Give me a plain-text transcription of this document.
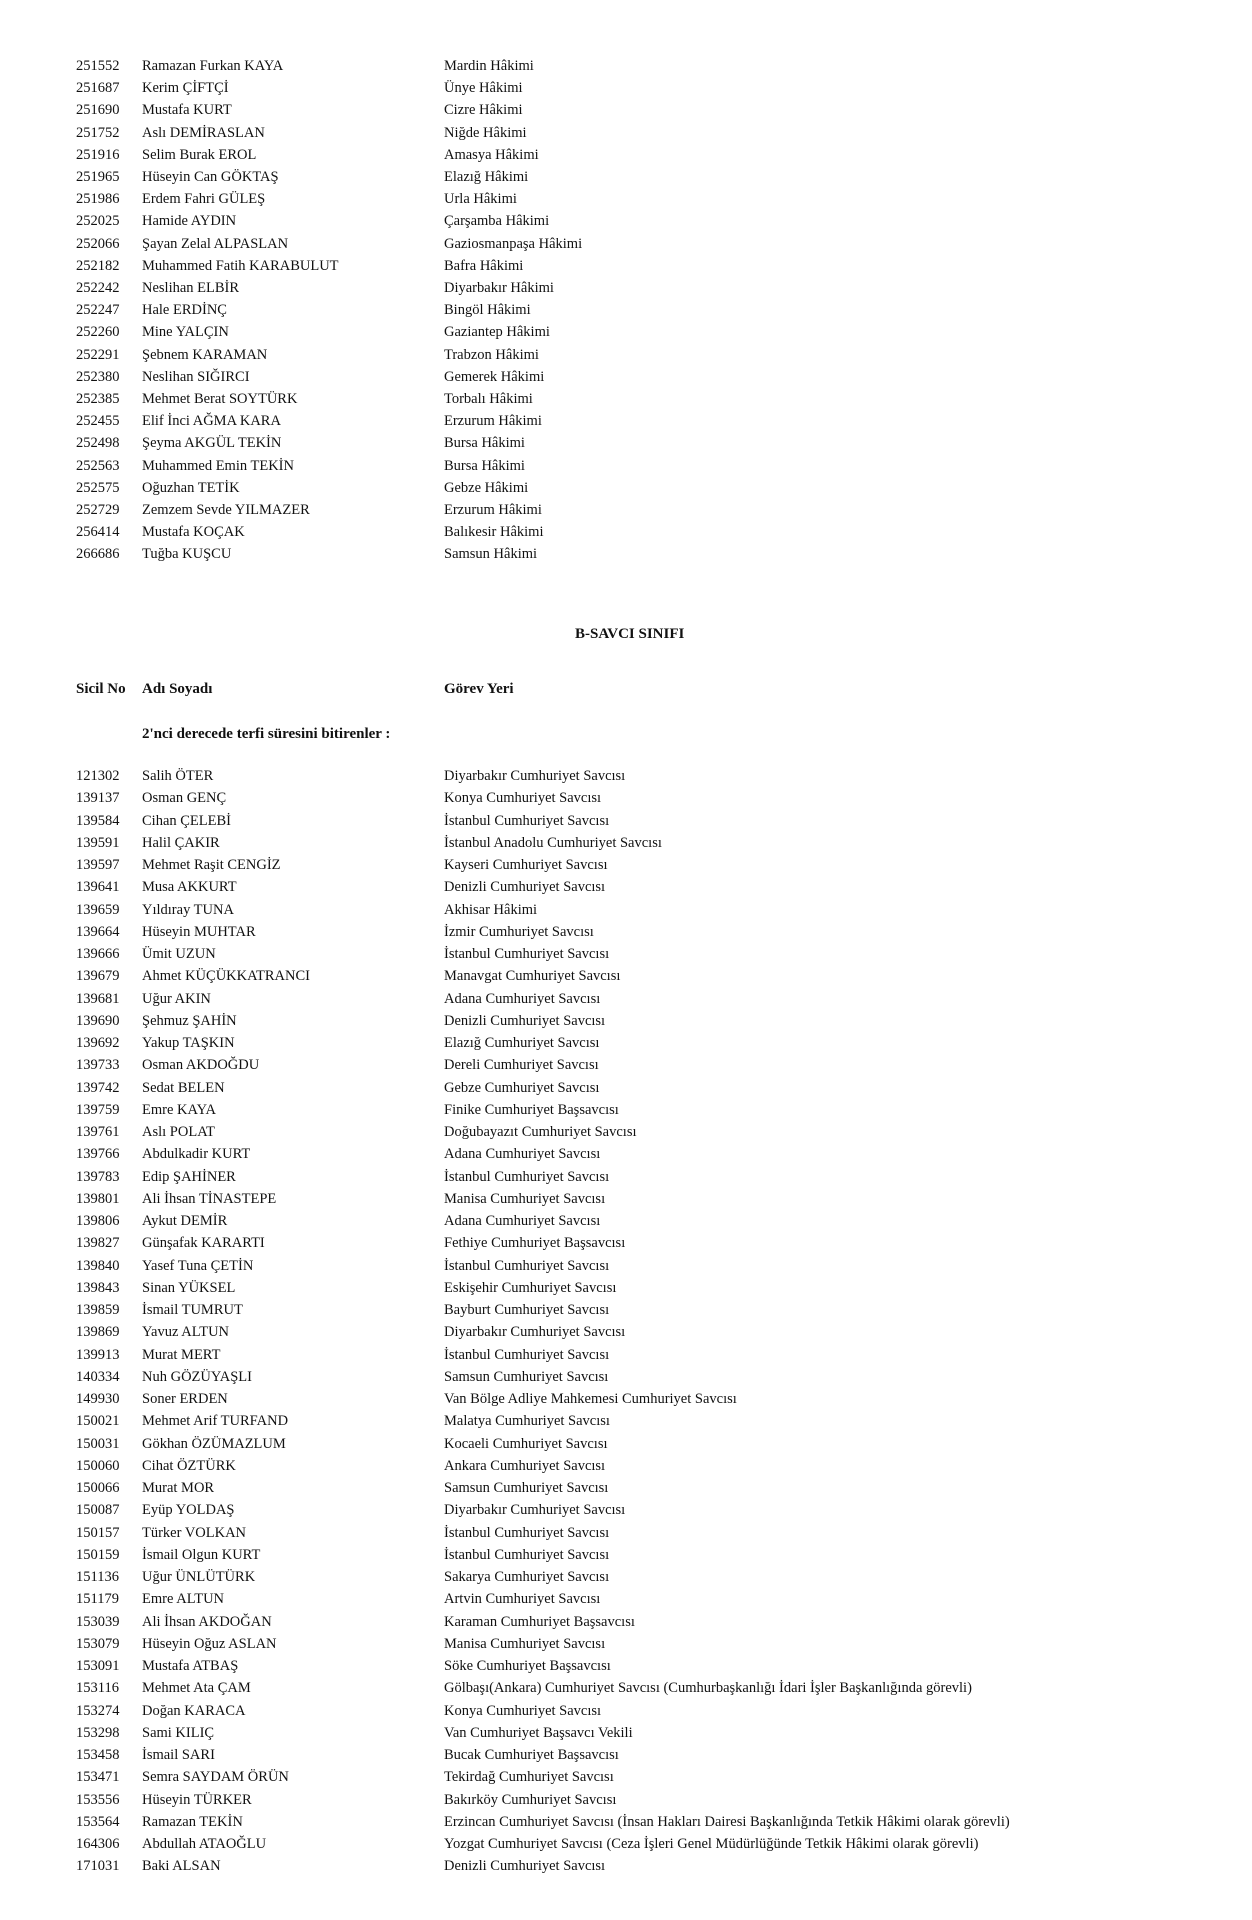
251552 Ramazan Furkan KAYA	Mardin Hâkimi
251687 Kerim ÇİFTÇİ	Ünye Hâkimi
251690 Mustafa KURT	Cizre Hâkimi
251752 Aslı DEMİRASLAN	Niğde Hâkimi
251916 Selim Burak EROL	Amasya Hâkimi
251965 Hüseyin Can GÖKTAŞ	Elazığ Hâkimi
251986 Erdem Fahri GÜLEŞ	Urla Hâkimi
252025 Hamide AYDIN	Çarşamba Hâkimi
252066 Şayan Zelal ALPASLAN	Gaziosmanpaşa Hâkimi
252182 Muhammed Fatih KARABULUT	Bafra Hâkimi
252242 Neslihan ELBİR	Diyarbakır Hâkimi
252247 Hale ERDİNÇ	Bingöl Hâkimi
252260 Mine YALÇIN	Gaziantep Hâkimi
252291 Şebnem KARAMAN	Trabzon Hâkimi
252380 Neslihan SIĞIRCI	Gemerek Hâkimi
252385 Mehmet Berat SOYTÜRK	Torbalı Hâkimi
252455 Elif İnci AĞMA KARA	Erzurum Hâkimi
252498 Şeyma AKGÜL TEKİN	Bursa Hâkimi
252563 Muhammed Emin TEKİN	Bursa Hâkimi
252575 Oğuzhan TETİK	Gebze Hâkimi
252729 Zemzem Sevde YILMAZER	Erzurum Hâkimi
256414 Mustafa KOÇAK	Balıkesir Hâkimi
266686 Tuğba KUŞCU	Samsun Hâkimi
B-SAVCI SINIFI
Sicil No Adı Soyadı	Görev Yeri
2'nci derecede terfi süresini bitirenler :
121302 Salih ÖTER	Diyarbakır Cumhuriyet Savcısı
139137 Osman GENÇ	Konya Cumhuriyet Savcısı
139584 Cihan ÇELEBİ	İstanbul Cumhuriyet Savcısı
139591 Halil ÇAKIR	İstanbul Anadolu Cumhuriyet Savcısı
139597 Mehmet Raşit CENGİZ	Kayseri Cumhuriyet Savcısı
139641 Musa AKKURT	Denizli Cumhuriyet Savcısı
139659 Yıldıray TUNA	Akhisar Hâkimi
139664 Hüseyin MUHTAR	İzmir Cumhuriyet Savcısı
139666 Ümit UZUN	İstanbul Cumhuriyet Savcısı
139679 Ahmet KÜÇÜKKATRANCI	Manavgat Cumhuriyet Savcısı
139681 Uğur AKIN	Adana Cumhuriyet Savcısı
139690 Şehmuz ŞAHİN	Denizli Cumhuriyet Savcısı
139692 Yakup TAŞKIN	Elazığ Cumhuriyet Savcısı
139733 Osman AKDOĞDU	Dereli Cumhuriyet Savcısı
139742 Sedat BELEN	Gebze Cumhuriyet Savcısı
139759 Emre KAYA	Finike Cumhuriyet Başsavcısı
139761 Aslı POLAT	Doğubayazıt Cumhuriyet Savcısı
139766 Abdulkadir KURT	Adana Cumhuriyet Savcısı
139783 Edip ŞAHİNER	İstanbul Cumhuriyet Savcısı
139801 Ali İhsan TİNASTEPE	Manisa Cumhuriyet Savcısı
139806 Aykut DEMİR	Adana Cumhuriyet Savcısı
139827 Günşafak KARARTI	Fethiye Cumhuriyet Başsavcısı
139840 Yasef Tuna ÇETİN	İstanbul Cumhuriyet Savcısı
139843 Sinan YÜKSEL	Eskişehir Cumhuriyet Savcısı
139859 İsmail TUMRUT	Bayburt Cumhuriyet Savcısı
139869 Yavuz ALTUN	Diyarbakır Cumhuriyet Savcısı
139913 Murat MERT	İstanbul Cumhuriyet Savcısı
140334 Nuh GÖZÜYAŞLI	Samsun Cumhuriyet Savcısı
149930 Soner ERDEN	Van Bölge Adliye Mahkemesi Cumhuriyet Savcısı
150021 Mehmet Arif TURFAND	Malatya Cumhuriyet Savcısı
150031 Gökhan ÖZÜMAZLUM	Kocaeli Cumhuriyet Savcısı
150060 Cihat ÖZTÜRK	Ankara Cumhuriyet Savcısı
150066 Murat MOR	Samsun Cumhuriyet Savcısı
150087 Eyüp YOLDAŞ	Diyarbakır Cumhuriyet Savcısı
150157 Türker VOLKAN	İstanbul Cumhuriyet Savcısı
150159 İsmail Olgun KURT	İstanbul Cumhuriyet Savcısı
151136 Uğur ÜNLÜTÜRK	Sakarya Cumhuriyet Savcısı
151179 Emre ALTUN	Artvin Cumhuriyet Savcısı
153039 Ali İhsan AKDOĞAN	Karaman Cumhuriyet Başsavcısı
153079 Hüseyin Oğuz ASLAN	Manisa Cumhuriyet Savcısı
153091 Mustafa ATBAŞ	Söke Cumhuriyet Başsavcısı
153116 Mehmet Ata ÇAM	Gölbaşı(Ankara) Cumhuriyet Savcısı (Cumhurbaşkanlığı İdari İşler Başkanlığında görevli)
153274 Doğan KARACA	Konya Cumhuriyet Savcısı
153298 Sami KILIÇ	Van Cumhuriyet Başsavcı Vekili
153458 İsmail SARI	Bucak Cumhuriyet Başsavcısı
153471 Semra SAYDAM ÖRÜN	Tekirdağ Cumhuriyet Savcısı
153556 Hüseyin TÜRKER	Bakırköy Cumhuriyet Savcısı
153564 Ramazan TEKİN	Erzincan Cumhuriyet Savcısı (İnsan Hakları Dairesi Başkanlığında Tetkik Hâkimi olarak görevli)
164306 Abdullah ATAOĞLU	Yozgat Cumhuriyet Savcısı (Ceza İşleri Genel Müdürlüğünde Tetkik Hâkimi olarak görevli)
171031 Baki ALSAN	Denizli Cumhuriyet Savcısı
